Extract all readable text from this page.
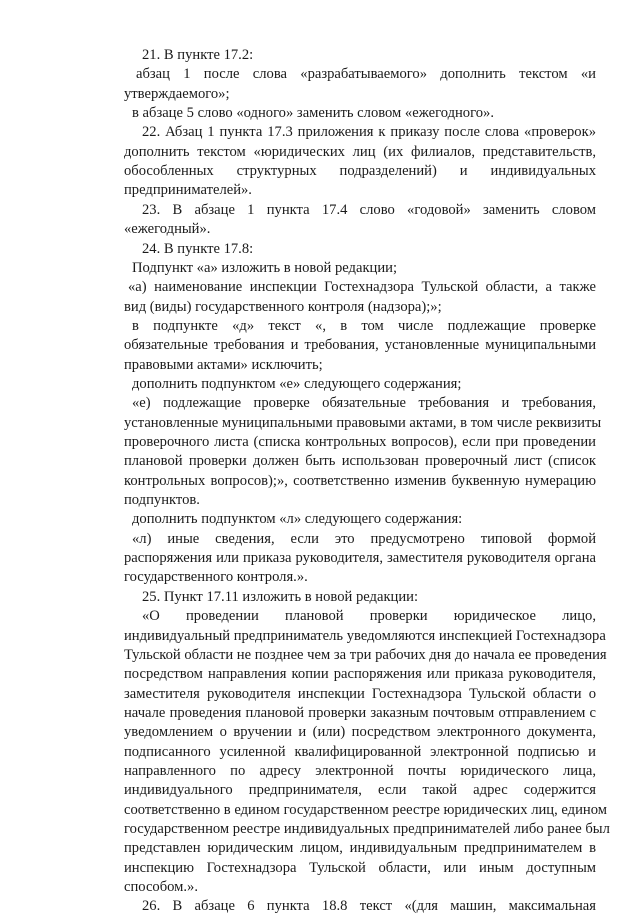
21. В пункте 17.2:
абзац 1 после слова «разрабатываемого» дополнить текстом «и
утверждаемого»;
в абзаце 5 слово «одного» заменить словом «ежегодного».
22. Абзац 1 пункта 17.3 приложения к приказу после слова «проверок»
дополнить текстом «юридических лиц (их филиалов, представительств,
обособленных структурных подразделений) и индивидуальных
предпринимателей».
23. В абзаце 1 пункта 17.4 слово «годовой» заменить словом
«ежегодный».
24. В пункте 17.8:
Подпункт «а» изложить в новой редакции;
«а) наименование инспекции Гостехнадзора Тульской области, а также
вид (виды) государственного контроля (надзора);»;
в подпункте «д» текст «, в том числе подлежащие проверке
обязательные требования и требования, установленные муниципальными
правовыми актами» исключить;
дополнить подпунктом «е» следующего содержания;
«е) подлежащие проверке обязательные требования и требования,
установленные муниципальными правовыми актами, в том числе реквизиты
проверочного листа (списка контрольных вопросов), если при проведении
плановой проверки должен быть использован проверочный лист (список
контрольных вопросов);», соответственно изменив буквенную нумерацию
подпунктов.
дополнить подпунктом «л» следующего содержания:
«л) иные сведения, если это предусмотрено типовой формой
распоряжения или приказа руководителя, заместителя руководителя органа
государственного контроля.».
25. Пункт 17.11 изложить в новой редакции:
«О проведении плановой проверки юридическое лицо,
индивидуальный предприниматель уведомляются инспекцией Гостехнадзора
Тульской области не позднее чем за три рабочих дня до начала ее проведения
посредством направления копии распоряжения или приказа руководителя,
заместителя руководителя инспекции Гостехнадзора Тульской области о
начале проведения плановой проверки заказным почтовым отправлением с
уведомлением о вручении и (или) посредством электронного документа,
подписанного усиленной квалифицированной электронной подписью и
направленного по адресу электронной почты юридического лица,
индивидуального предпринимателя, если такой адрес содержится
соответственно в едином государственном реестре юридических лиц, едином
государственном реестре индивидуальных предпринимателей либо ранее был
представлен юридическим лицом, индивидуальным предпринимателем в
инспекцию Гостехнадзора Тульской области, или иным доступным
способом.».
26. В абзаце 6 пункта 18.8 текст «(для машин, максимальная
